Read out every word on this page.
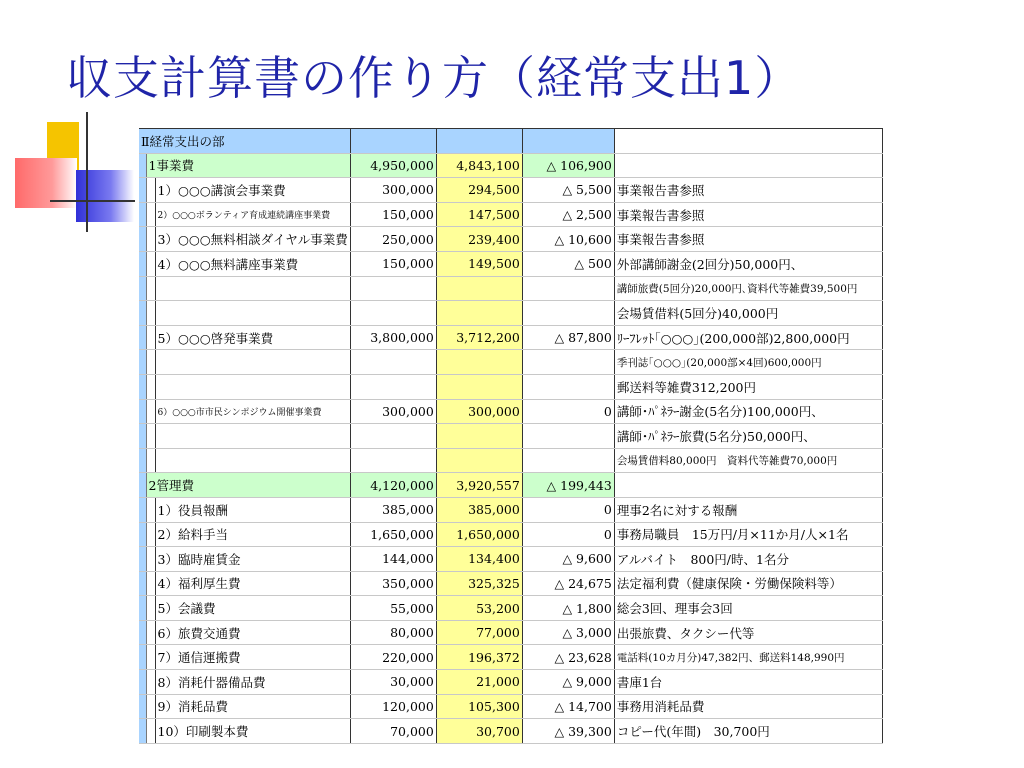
収支計算書の作り方（経常支出1）
Ⅱ経常支出の部						
	1事業費		4,950,000	4,843,100	△ 106,900	
		1）○○○講演会事業費	300,000	294,500	△ 5,500	事業報告書参照
		2）○○○ボランティア育成連続講座事業費	150,000	147,500	△ 2,500	事業報告書参照
		3）○○○無料相談ダイヤル事業費	250,000	239,400	△ 10,600	事業報告書参照
		4）○○○無料講座事業費	150,000	149,500	△ 500	外部講師謝金(2回分)50,000円、
						講師旅費(5回分)20,000円､資料代等雑費39,500円
						会場賃借料(5回分)40,000円
		5）○○○啓発事業費	3,800,000	3,712,200	△ 87,800	ﾘｰﾌﾚｯﾄ｢○○○｣(200,000部)2,800,000円
						季刊誌｢○○○｣(20,000部×4回)600,000円
						郵送料等雑費312,200円
		6）○○○市市民シンポジウム開催事業費	300,000	300,000	0	講師･ﾊﾟﾈﾗｰ謝金(5名分)100,000円、
						講師･ﾊﾟﾈﾗｰ旅費(5名分)50,000円、
						会場賃借料80,000円　資料代等雑費70,000円
	2管理費		4,120,000	3,920,557	△ 199,443	
		1）役員報酬	385,000	385,000	0	理事2名に対する報酬
		2）給料手当	1,650,000	1,650,000	0	事務局職員　15万円/月×11か月/人×1名
		3）臨時雇賃金	144,000	134,400	△ 9,600	アルバイト　800円/時、1名分
		4）福利厚生費	350,000	325,325	△ 24,675	法定福利費（健康保険・労働保険料等）
		5）会議費	55,000	53,200	△ 1,800	総会3回、理事会3回
		6）旅費交通費	80,000	77,000	△ 3,000	出張旅費、タクシー代等
		7）通信運搬費	220,000	196,372	△ 23,628	電話料(10カ月分)47,382円、郵送料148,990円
		8）消耗什器備品費	30,000	21,000	△ 9,000	書庫1台
		9）消耗品費	120,000	105,300	△ 14,700	事務用消耗品費
		10）印刷製本費	70,000	30,700	△ 39,300	コピー代(年間)　30,700円
